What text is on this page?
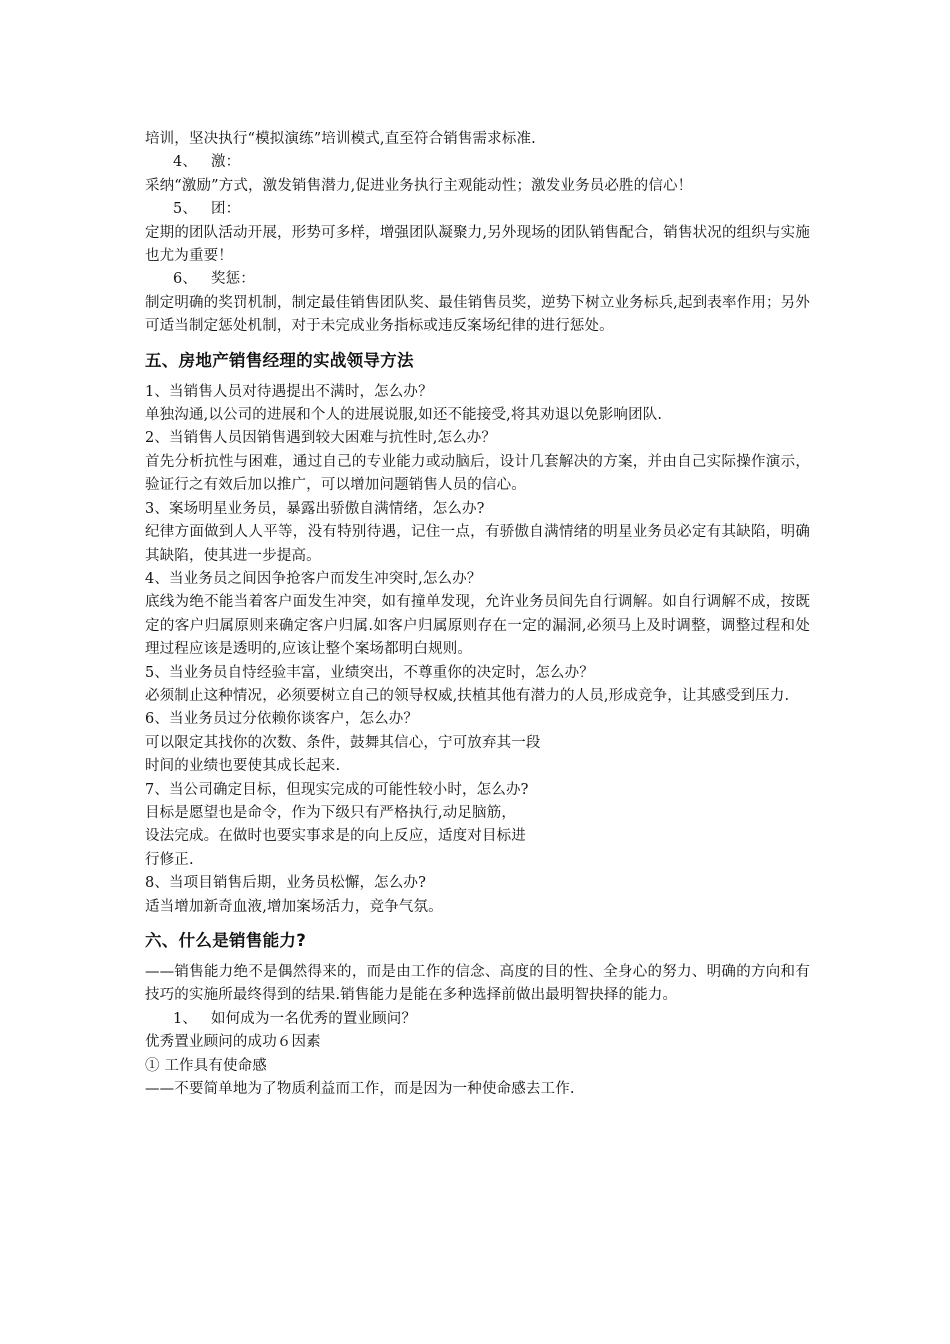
培训，坚决执行“模拟演练”培训模式,直至符合销售需求标准.

4、 激：

采纳“激励”方式，激发销售潜力,促进业务执行主观能动性；激发业务员必胜的信心！

5、 团：

定期的团队活动开展，形势可多样，增强团队凝聚力,另外现场的团队销售配合，销售状况的组织与实施也尤为重要！

6、 奖惩：

制定明确的奖罚机制，制定最佳销售团队奖、最佳销售员奖，逆势下树立业务标兵,起到表率作用；另外可适当制定惩处机制，对于未完成业务指标或违反案场纪律的进行惩处。

五、房地产销售经理的实战领导方法

1、当销售人员对待遇提出不满时，怎么办？

单独沟通,以公司的进展和个人的进展说服,如还不能接受,将其劝退以免影响团队.

2、当销售人员因销售遇到较大困难与抗性时,怎么办？

首先分析抗性与困难，通过自己的专业能力或动脑后，设计几套解决的方案，并由自己实际操作演示，验证行之有效后加以推广，可以增加问题销售人员的信心。

3、案场明星业务员，暴露出骄傲自满情绪，怎么办?

纪律方面做到人人平等，没有特别待遇，记住一点，有骄傲自满情绪的明星业务员必定有其缺陷，明确其缺陷，使其进一步提高。

4、当业务员之间因争抢客户而发生冲突时,怎么办？

底线为绝不能当着客户面发生冲突，如有撞单发现，允许业务员间先自行调解。如自行调解不成，按既定的客户归属原则来确定客户归属.如客户归属原则存在一定的漏洞,必须马上及时调整，调整过程和处理过程应该是透明的,应该让整个案场都明白规则。

5、当业务员自恃经验丰富，业绩突出，不尊重你的决定时，怎么办？

必须制止这种情况，必须要树立自己的领导权威,扶植其他有潜力的人员,形成竞争，让其感受到压力.

6、当业务员过分依赖你谈客户，怎么办？

可以限定其找你的次数、条件，鼓舞其信心，宁可放弃其一段

时间的业绩也要使其成长起来.

7、当公司确定目标，但现实完成的可能性较小时，怎么办?

目标是愿望也是命令，作为下级只有严格执行,动足脑筋，

设法完成。在做时也要实事求是的向上反应，适度对目标进

行修正.

8、当项目销售后期，业务员松懈，怎么办?

适当增加新奇血液,增加案场活力，竞争气氛。

六、什么是销售能力?

——销售能力绝不是偶然得来的，而是由工作的信念、高度的目的性、全身心的努力、明确的方向和有技巧的实施所最终得到的结果.销售能力是能在多种选择前做出最明智抉择的能力。

1、 如何成为一名优秀的置业顾问？

优秀置业顾问的成功６因素

① 工作具有使命感

——不要简单地为了物质利益而工作，而是因为一种使命感去工作.
